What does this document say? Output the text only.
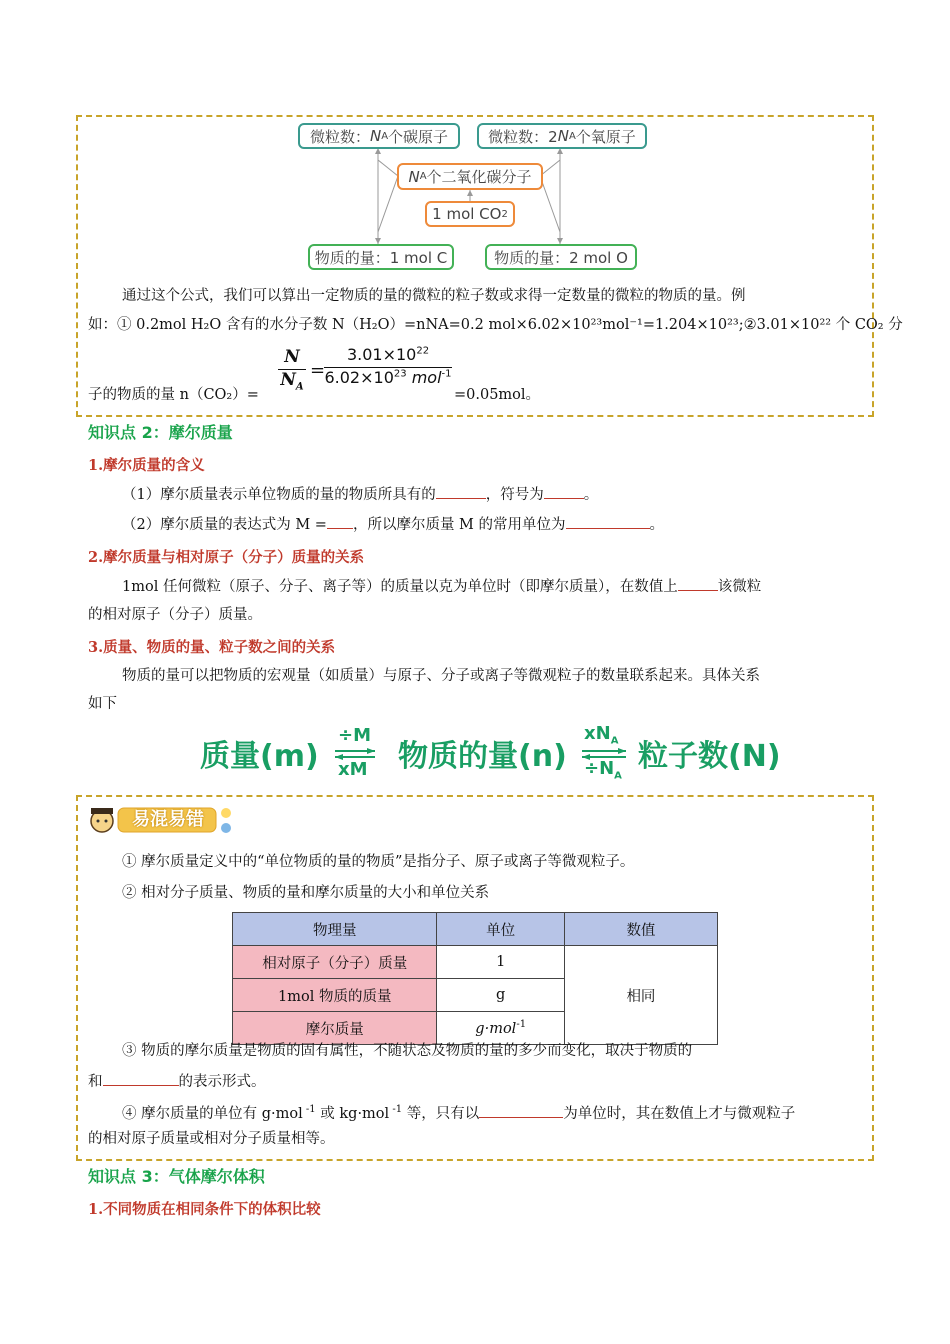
微粒数： N A 个碳原子	微粒数：2 N A 个氧原子
N A 个二氧化碳分子
1 mol CO 2
物质的量：1 mol C	物质的量：2 mol O
通过这个公式，我们可以算出一定物质的量的微粒的粒子数或求得一定数量的微粒的物质的量。例
如：① 0.2mol H₂O 含有的水分子数 N（H₂O）=nNA=0.2 mol×6.02×10²³mol⁻¹=1.204×10²³;②3.01×10²² 个 CO₂ 分
子的物质的量 n（CO₂）=
$\frac{N}{N_A}$ =
$3.01\times 10^{22}$
$6.02\times 10^{23}$ mol$^{-1}$
=0.05mol。
知识点 2：摩尔质量
1.摩尔质量的含义
（1）摩尔质量表示单位物质的量的物质所具有的	，符号为	。
（2）摩尔质量的表达式为 M = ，所以摩尔质量 M 的常用单位为	。
2.摩尔质量与相对原子（分子）质量的关系
1mol 任何微粒（原子、分子、离子等）的质量以克为单位时（即摩尔质量），在数值上	该微粒
的相对原子（分子）质量。
3.质量、物质的量、粒子数之间的关系
物质的量可以把物质的宏观量（如质量）与原子、分子或离子等微观粒子的数量联系起来。具体关系
如下
质量(m)
÷M
xM 物质的量(n)
$xN_A$
$\div N_A$
粒子数(N)
易混易错
① 摩尔质量定义中的“单位物质的量的物质”是指分子、原子或离子等微观粒子。
② 相对分子质量、物质的量和摩尔质量的大小和单位关系
物理量	单位	数值
相对原子（分子）质量	1	相同
1mol 物质的质量	g	
摩尔质量	g·mol$^{-1}$
③ 物质的摩尔质量是物质的固有属性，不随状态及物质的量的多少而变化，取决于物质的
和	的表示形式。
④ 摩尔质量的单位有 g·mol $^{-1}$ 或 kg·mol $^{-1}$ 等，只有以	为单位时，其在数值上才与微观粒子
的相对原子质量或相对分子质量相等。
知识点 3：气体摩尔体积
1.不同物质在相同条件下的体积比较
